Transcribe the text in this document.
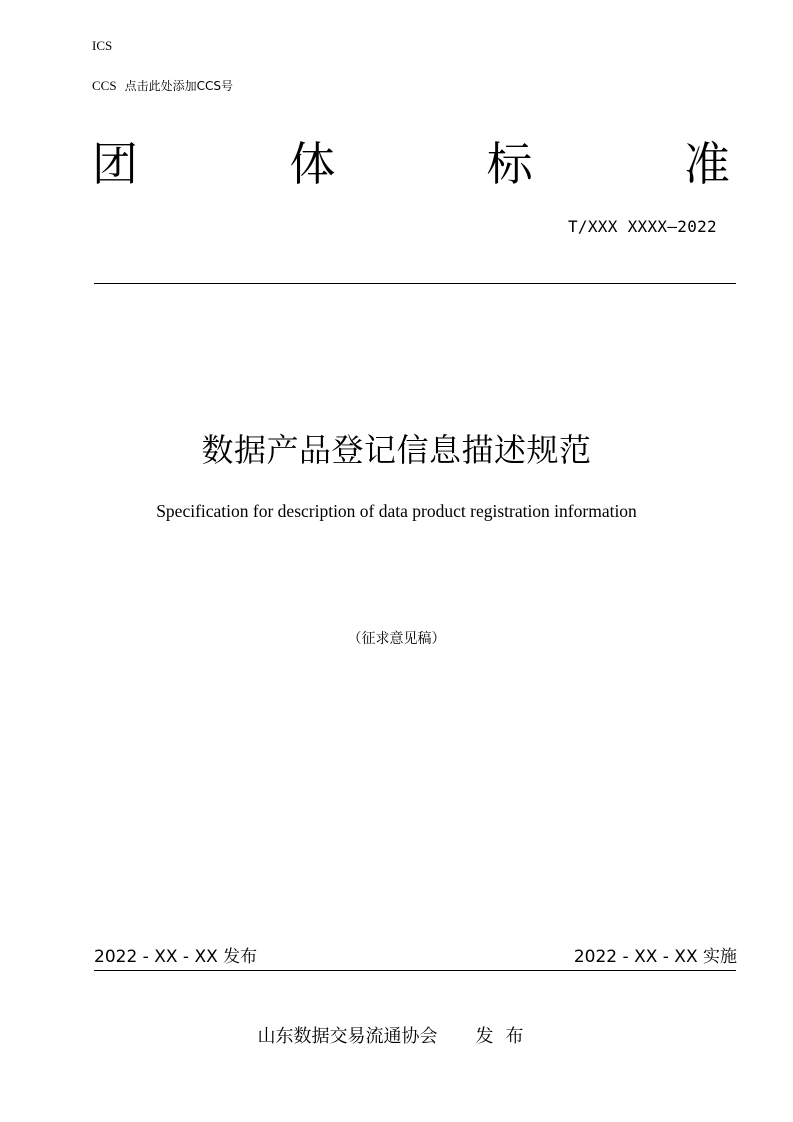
ICS
CCS 点击此处添加CCS号
团	体	标	准
T/XXX XXXX—2022
数据产品登记信息描述规范
Specification for description of data product registration information
（征求意见稿）
2022 - XX - XX 发布	2022 - XX - XX 实施
山东数据交易流通协会 发布
